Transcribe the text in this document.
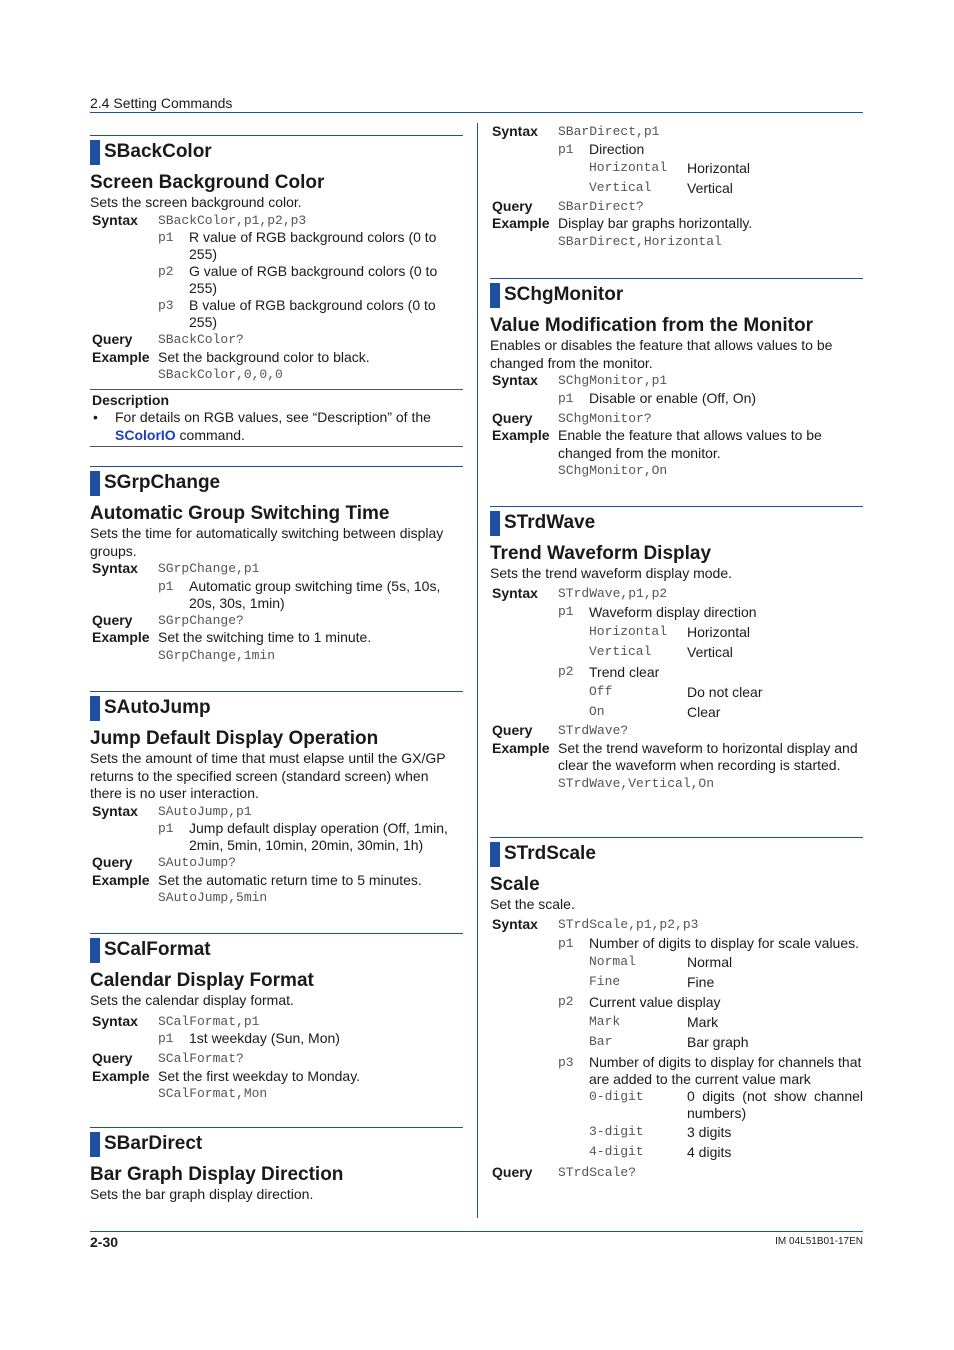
2.4 Setting Commands
SBackColor
Screen Background Color
Sets the screen background color.
Syntax	SBackColor,p1,p2,p3
p1	R value of RGB background colors (0 to 255)
p2	G value of RGB background colors (0 to 255)
p3	B value of RGB background colors (0 to 255)
Query	SBackColor?
Example Set the background color to black.
SBackColor,0,0,0
Description
•	For details on RGB values, see “Description” of the SColorIO command.
SGrpChange
Automatic Group Switching Time
Sets the time for automatically switching between display groups.
Syntax	SGrpChange,p1
p1	Automatic group switching time (5s, 10s, 20s, 30s, 1min)
Query	SGrpChange?
Example Set the switching time to 1 minute.
SGrpChange,1min
SAutoJump
Jump Default Display Operation
Sets the amount of time that must elapse until the GX/GP returns to the specified screen (standard screen) when there is no user interaction.
Syntax	SAutoJump,p1
p1	Jump default display operation (Off, 1min, 2min, 5min, 10min, 20min, 30min, 1h)
Query	SAutoJump?
Example Set the automatic return time to 5 minutes.
SAutoJump,5min
SCalFormat
Calendar Display Format
Sets the calendar display format.
Syntax	SCalFormat,p1
p1	1st weekday (Sun, Mon)
Query	SCalFormat?
Example Set the first weekday to Monday.
SCalFormat,Mon
SBarDirect
Bar Graph Display Direction
Sets the bar graph display direction.
Syntax	SBarDirect,p1
p1	Direction
Horizontal	Horizontal
Vertical	Vertical
Query	SBarDirect?
Example Display bar graphs horizontally.
SBarDirect,Horizontal
SChgMonitor
Value Modification from the Monitor
Enables or disables the feature that allows values to be changed from the monitor.
Syntax	SChgMonitor,p1
p1	Disable or enable (Off, On)
Query	SChgMonitor?
Example Enable the feature that allows values to be changed from the monitor.
SChgMonitor,On
STrdWave
Trend Waveform Display
Sets the trend waveform display mode.
Syntax	STrdWave,p1,p2
p1	Waveform display direction
Horizontal	Horizontal
Vertical	Vertical
p2	Trend clear
Off	Do not clear
On	Clear
Query	STrdWave?
Example Set the trend waveform to horizontal display and clear the waveform when recording is started.
STrdWave,Vertical,On
STrdScale
Scale
Set the scale.
Syntax	STrdScale,p1,p2,p3
p1	Number of digits to display for scale values.
Normal	Normal
Fine	Fine
p2	Current value display
Mark	Mark
Bar	Bar graph
p3	Number of digits to display for channels that are added to the current value mark
0-digit	0 digits (not show channel numbers)
3-digit	3 digits
4-digit	4 digits
Query	STrdScale?
2-30	IM 04L51B01-17EN
